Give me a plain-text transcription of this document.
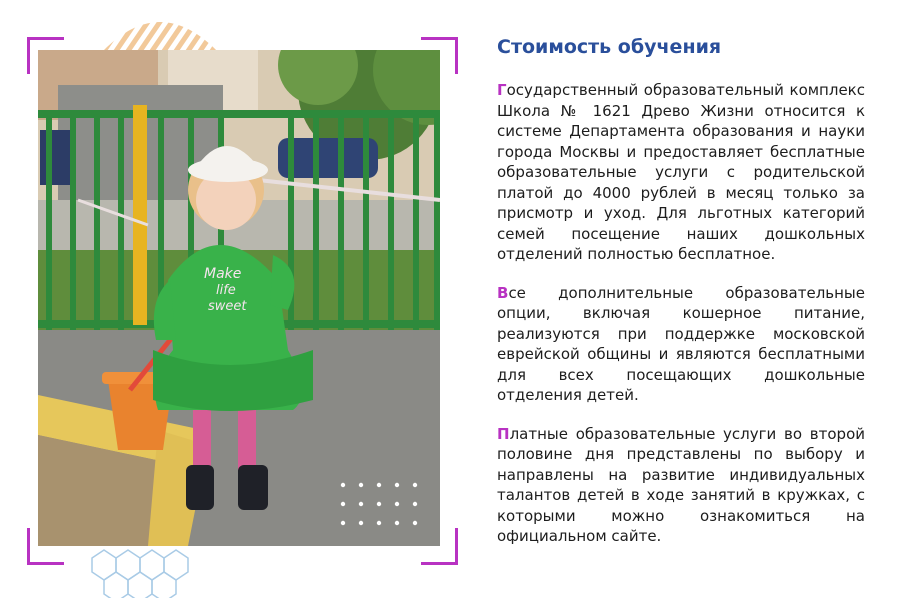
Make
life
sweet
Стоимость обучения

Государственный образовательный комплекс Школа № 1621 Древо Жизни относится к системе Департамента образования и науки города Москвы и предоставляет бесплатные образовательные услуги с родительской платой до 4000 рублей в месяц только за присмотр и уход. Для льготных категорий семей посещение наших дошкольных отделений полностью бесплатное.

Все дополнительные образовательные опции, включая кошерное питание, реализуются при поддержке московской еврейской общины и являются бесплатными для всех посещающих дошкольные отделения детей.

Платные образовательные услуги во второй половине дня представлены по выбору и направлены на развитие индивидуальных талантов детей в ходе занятий в кружках, с которыми можно ознакомиться на официальном сайте.
